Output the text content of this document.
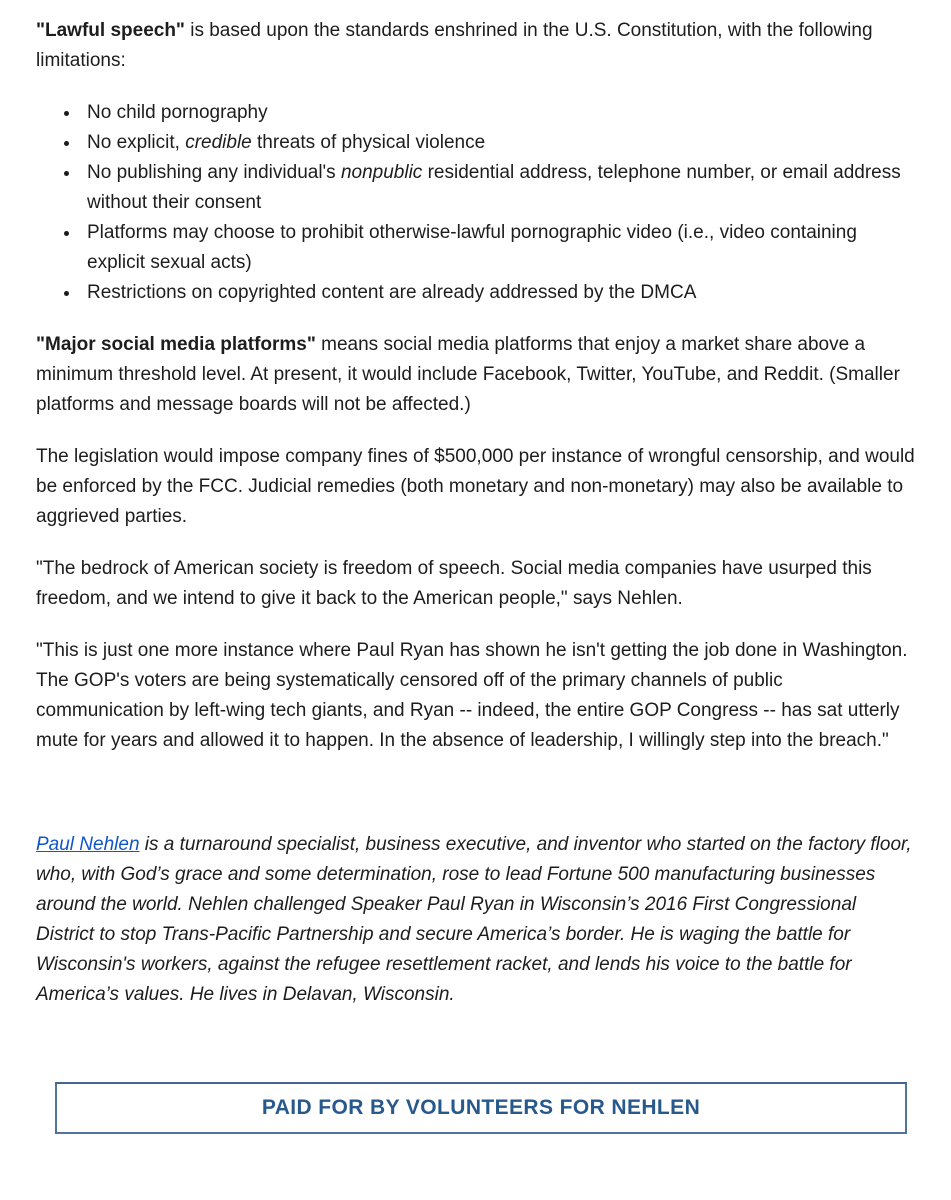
"Lawful speech" is based upon the standards enshrined in the U.S. Constitution, with the following limitations:

• No child pornography
• No explicit, credible threats of physical violence
• No publishing any individual's nonpublic residential address, telephone number, or email address without their consent
• Platforms may choose to prohibit otherwise-lawful pornographic video (i.e., video containing explicit sexual acts)
• Restrictions on copyrighted content are already addressed by the DMCA

"Major social media platforms" means social media platforms that enjoy a market share above a minimum threshold level. At present, it would include Facebook, Twitter, YouTube, and Reddit. (Smaller platforms and message boards will not be affected.)

The legislation would impose company fines of $500,000 per instance of wrongful censorship, and would be enforced by the FCC. Judicial remedies (both monetary and non-monetary) may also be available to aggrieved parties.

"The bedrock of American society is freedom of speech. Social media companies have usurped this freedom, and we intend to give it back to the American people," says Nehlen.

"This is just one more instance where Paul Ryan has shown he isn't getting the job done in Washington. The GOP's voters are being systematically censored off of the primary channels of public communication by left-wing tech giants, and Ryan -- indeed, the entire GOP Congress -- has sat utterly mute for years and allowed it to happen. In the absence of leadership, I willingly step into the breach."

Paul Nehlen is a turnaround specialist, business executive, and inventor who started on the factory floor, who, with God’s grace and some determination, rose to lead Fortune 500 manufacturing businesses around the world. Nehlen challenged Speaker Paul Ryan in Wisconsin’s 2016 First Congressional District to stop Trans-Pacific Partnership and secure America’s border. He is waging the battle for Wisconsin's workers, against the refugee resettlement racket, and lends his voice to the battle for America’s values. He lives in Delavan, Wisconsin.

PAID FOR BY VOLUNTEERS FOR NEHLEN
